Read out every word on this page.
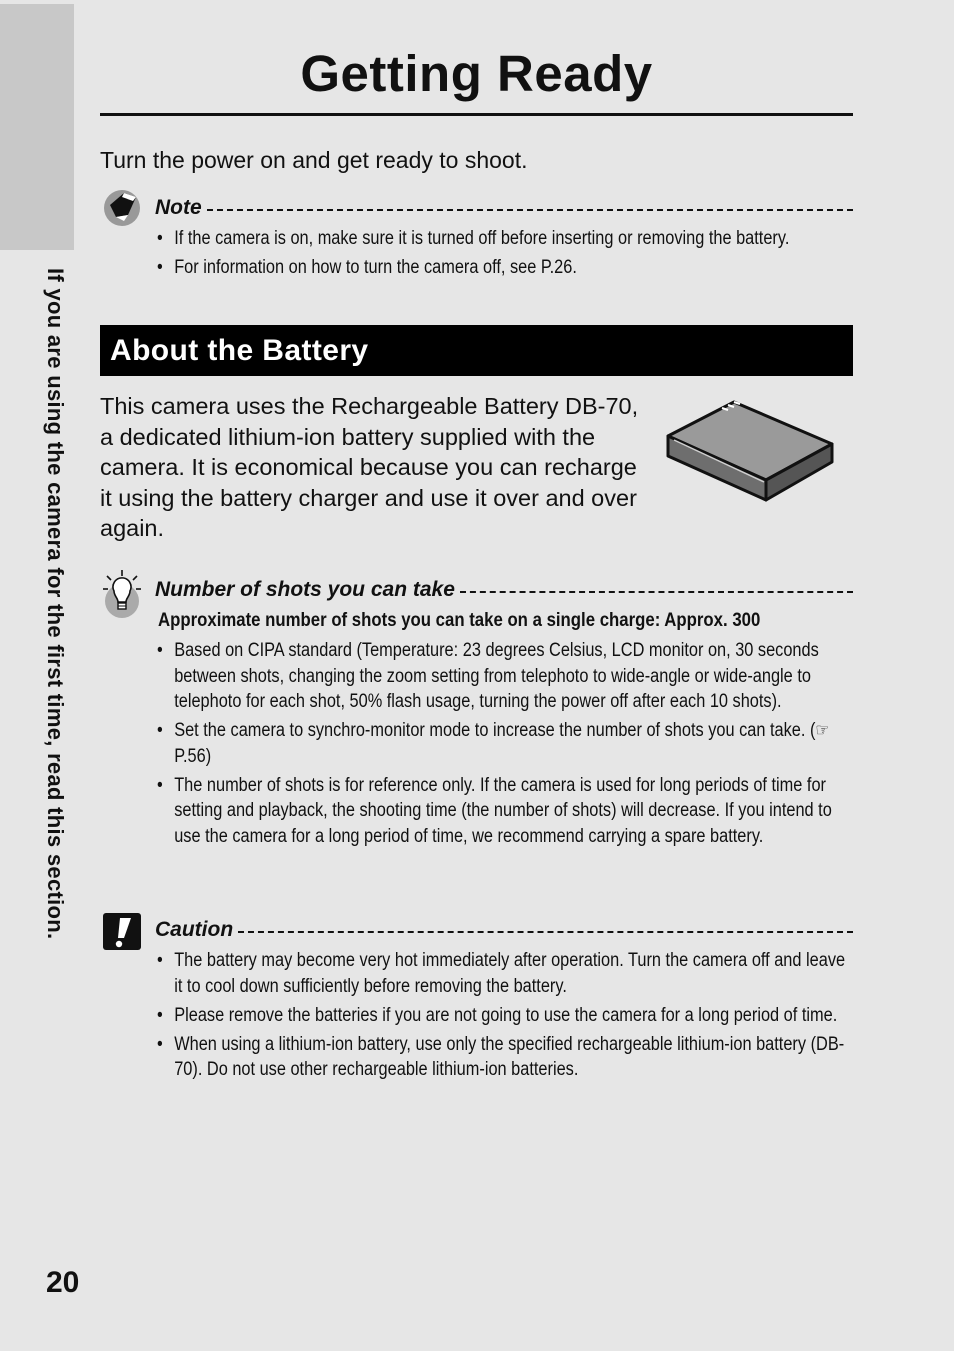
If you are using the camera for the first time, read this section.
20
Getting Ready
Turn the power on and get ready to shoot.
Note
• If the camera is on, make sure it is turned off before inserting or removing the battery.
• For information on how to turn the camera off, see P.26.
About the Battery
This camera uses the Rechargeable Battery DB-70, a dedicated lithium-ion battery supplied with the camera. It is economical because you can recharge it using the battery charger and use it over and over again.
Number of shots you can take
Approximate number of shots you can take on a single charge: Approx. 300
• Based on CIPA standard (Temperature: 23 degrees Celsius, LCD monitor on, 30 seconds between shots, changing the zoom setting from telephoto to wide-angle or wide-angle to telephoto for each shot, 50% flash usage, turning the power off after each 10 shots).
• Set the camera to synchro-monitor mode to increase the number of shots you can take. (☞P.56)
• The number of shots is for reference only. If the camera is used for long periods of time for setting and playback, the shooting time (the number of shots) will decrease. If you intend to use the camera for a long period of time, we recommend carrying a spare battery.
Caution
• The battery may become very hot immediately after operation. Turn the camera off and leave it to cool down sufficiently before removing the battery.
• Please remove the batteries if you are not going to use the camera for a long period of time.
• When using a lithium-ion battery, use only the specified rechargeable lithium-ion battery (DB-70). Do not use other rechargeable lithium-ion batteries.
